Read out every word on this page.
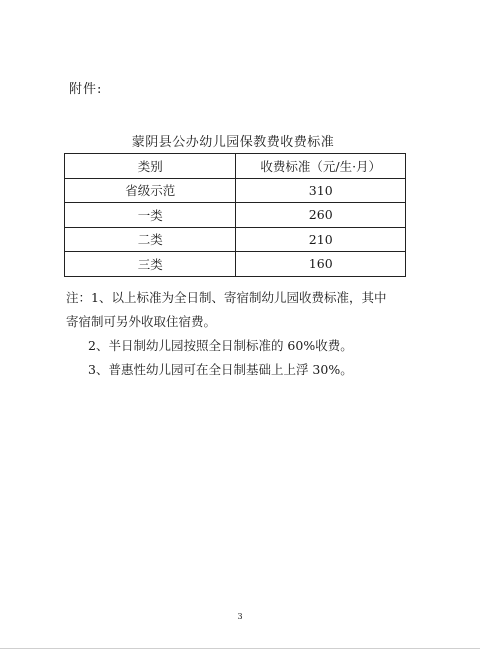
附件:
蒙阴县公办幼儿园保教费收费标准
类别	收费标准（元/生·月）
省级示范	310
一类	260
二类	210
三类	160

注：1、以上标准为全日制、寄宿制幼儿园收费标准，其中

寄宿制可另外收取住宿费。

2、半日制幼儿园按照全日制标准的 60%收费。

3、普惠性幼儿园可在全日制基础上上浮 30%。

3
